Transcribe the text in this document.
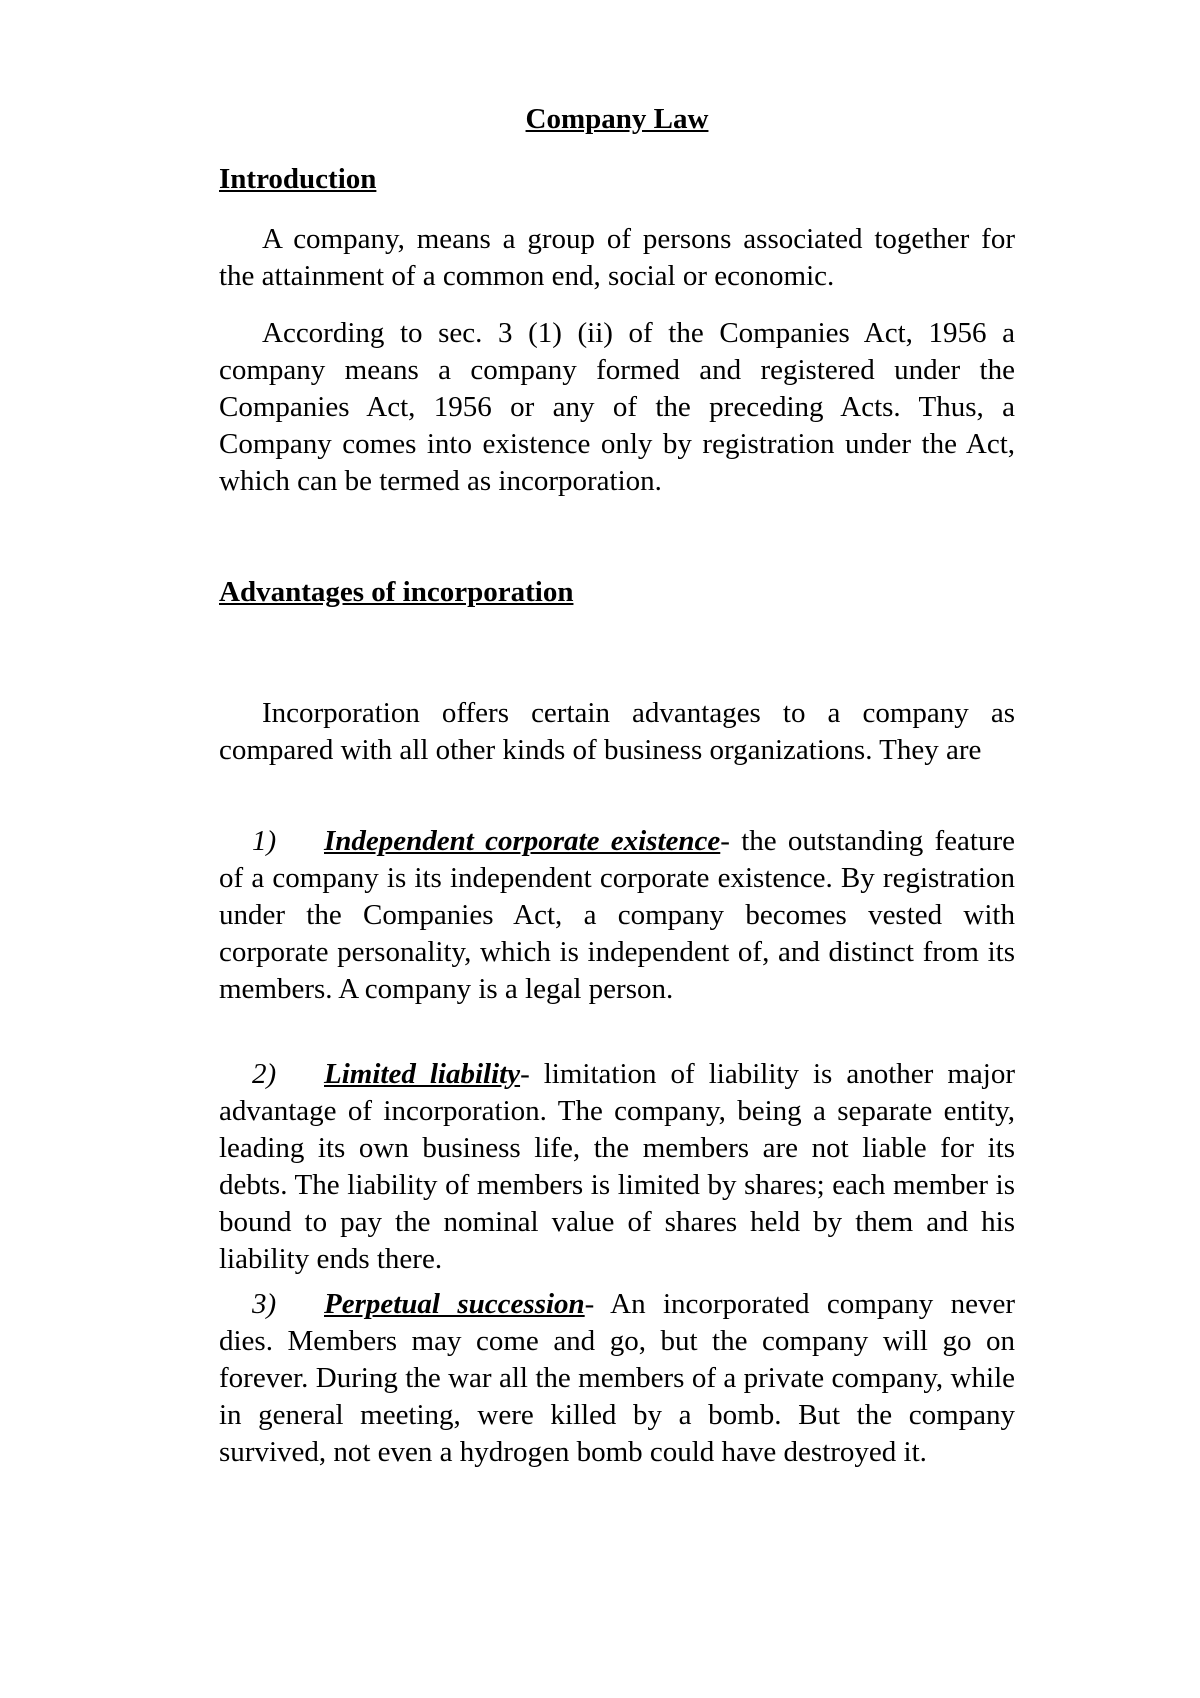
Company Law
Introduction

A company, means a group of persons associated together for the attainment of a common end, social or economic.

According to sec. 3 (1) (ii) of the Companies Act, 1956 a company means a company formed and registered under the Companies Act, 1956 or any of the preceding Acts. Thus, a Company comes into existence only by registration under the Act, which can be termed as incorporation.

Advantages of incorporation

Incorporation offers certain advantages to a company as compared with all other kinds of business organizations. They are

1) Independent corporate existence- the outstanding feature of a company is its independent corporate existence. By registration under the Companies Act, a company becomes vested with corporate personality, which is independent of, and distinct from its members. A company is a legal person.

2) Limited liability- limitation of liability is another major advantage of incorporation. The company, being a separate entity, leading its own business life, the members are not liable for its debts. The liability of members is limited by shares; each member is bound to pay the nominal value of shares held by them and his liability ends there.

3) Perpetual succession- An incorporated company never dies. Members may come and go, but the company will go on forever. During the war all the members of a private company, while in general meeting, were killed by a bomb. But the company survived, not even a hydrogen bomb could have destroyed it.
